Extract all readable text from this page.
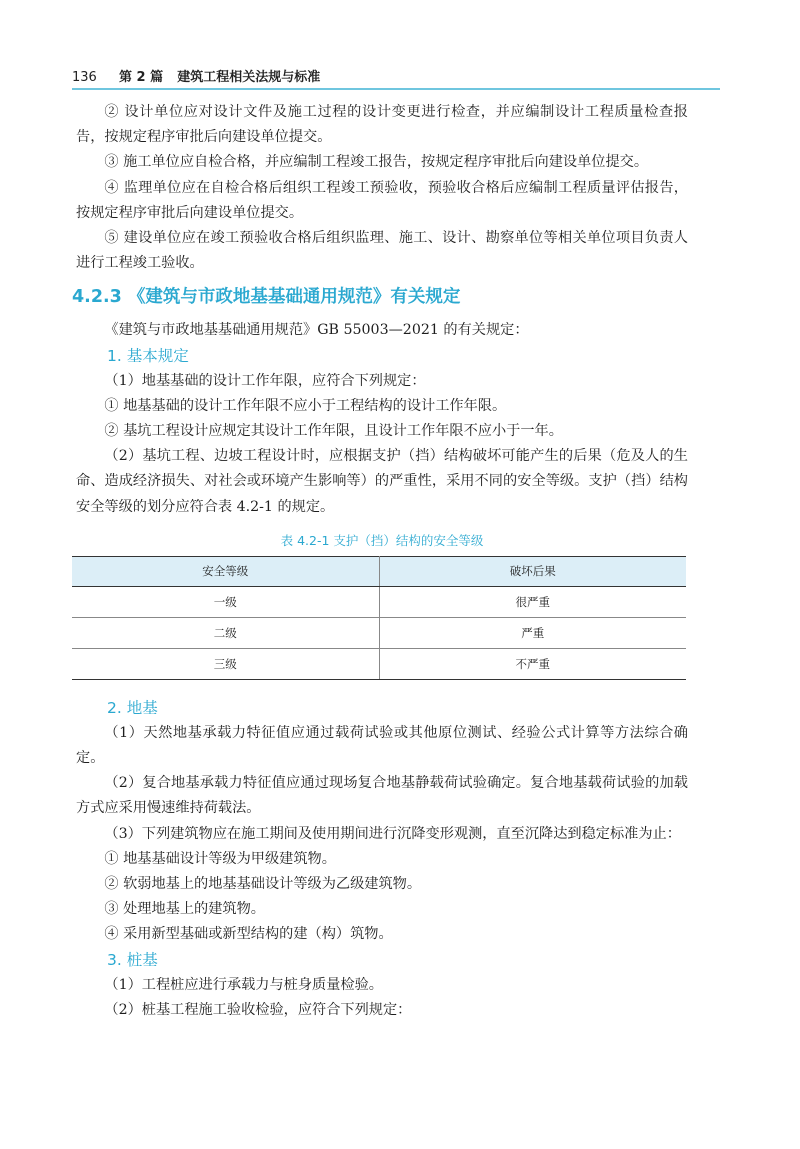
136 第 2 篇 建筑工程相关法规与标准

② 设计单位应对设计文件及施工过程的设计变更进行检查，并应编制设计工程质量检查报告，按规定程序审批后向建设单位提交。

③ 施工单位应自检合格，并应编制工程竣工报告，按规定程序审批后向建设单位提交。

④ 监理单位应在自检合格后组织工程竣工预验收，预验收合格后应编制工程质量评估报告，按规定程序审批后向建设单位提交。

⑤ 建设单位应在竣工预验收合格后组织监理、施工、设计、勘察单位等相关单位项目负责人进行工程竣工验收。

4.2.3 《建筑与市政地基基础通用规范》有关规定

《建筑与市政地基基础通用规范》GB 55003—2021 的有关规定：

1. 基本规定

（1）地基基础的设计工作年限，应符合下列规定：

① 地基基础的设计工作年限不应小于工程结构的设计工作年限。

② 基坑工程设计应规定其设计工作年限，且设计工作年限不应小于一年。

（2）基坑工程、边坡工程设计时，应根据支护（挡）结构破坏可能产生的后果（危及人的生命、造成经济损失、对社会或环境产生影响等）的严重性，采用不同的安全等级。支护（挡）结构安全等级的划分应符合表 4.2-1 的规定。

表 4.2-1 支护（挡）结构的安全等级
安全等级	破坏后果
一级	很严重
二级	严重
三级	不严重
2. 地基

（1）天然地基承载力特征值应通过载荷试验或其他原位测试、经验公式计算等方法综合确定。

（2）复合地基承载力特征值应通过现场复合地基静载荷试验确定。复合地基载荷试验的加载方式应采用慢速维持荷载法。

（3）下列建筑物应在施工期间及使用期间进行沉降变形观测，直至沉降达到稳定标准为止：

① 地基基础设计等级为甲级建筑物。

② 软弱地基上的地基基础设计等级为乙级建筑物。

③ 处理地基上的建筑物。

④ 采用新型基础或新型结构的建（构）筑物。

3. 桩基

（1）工程桩应进行承载力与桩身质量检验。

（2）桩基工程施工验收检验，应符合下列规定：
